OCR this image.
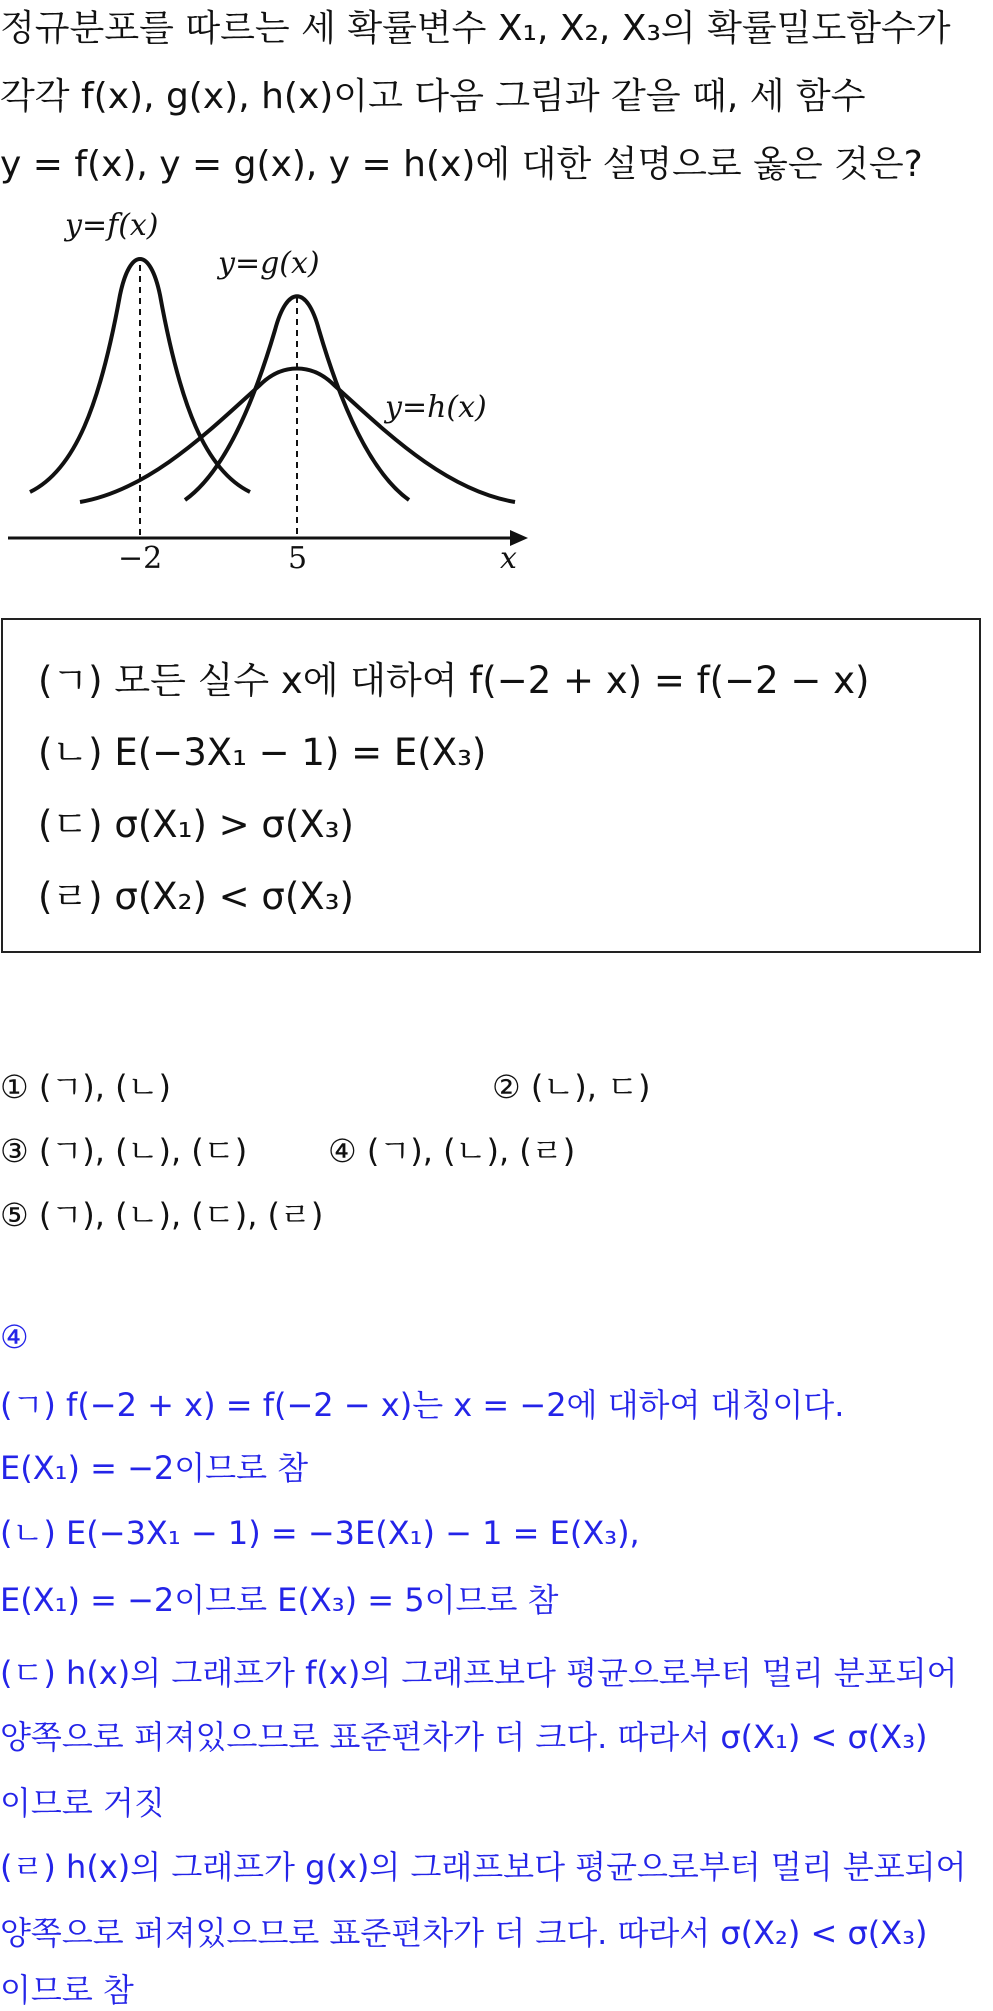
정규분포를 따르는 세 확률변수 X₁, X₂, X₃의 확률밀도함수가
각각 f(x), g(x), h(x)이고 다음 그림과 같을 때, 세 함수
y = f(x), y = g(x), y = h(x)에 대한 설명으로 옳은 것은?
y=f(x)
y=g(x)
y=h(x)
−2	5	x
(ㄱ) 모든 실수 x에 대하여 f(−2 + x) = f(−2 − x)
(ㄴ) E(−3X₁ − 1) = E(X₃)
(ㄷ) σ(X₁) > σ(X₃)
(ㄹ) σ(X₂) < σ(X₃)
① (ㄱ), (ㄴ)	② (ㄴ), ㄷ)
③ (ㄱ), (ㄴ), (ㄷ)	④ (ㄱ), (ㄴ), (ㄹ)
⑤ (ㄱ), (ㄴ), (ㄷ), (ㄹ)
④
(ㄱ) f(−2 + x) = f(−2 − x)는 x = −2에 대하여 대칭이다.
E(X₁) = −2이므로 참
(ㄴ) E(−3X₁ − 1) = −3E(X₁) − 1 = E(X₃),
E(X₁) = −2이므로 E(X₃) = 5이므로 참
(ㄷ) h(x)의 그래프가 f(x)의 그래프보다 평균으로부터 멀리 분포되어
양쪽으로 퍼져있으므로 표준편차가 더 크다. 따라서 σ(X₁) < σ(X₃)
이므로 거짓
(ㄹ) h(x)의 그래프가 g(x)의 그래프보다 평균으로부터 멀리 분포되어
양쪽으로 퍼져있으므로 표준편차가 더 크다. 따라서 σ(X₂) < σ(X₃)
이므로 참
